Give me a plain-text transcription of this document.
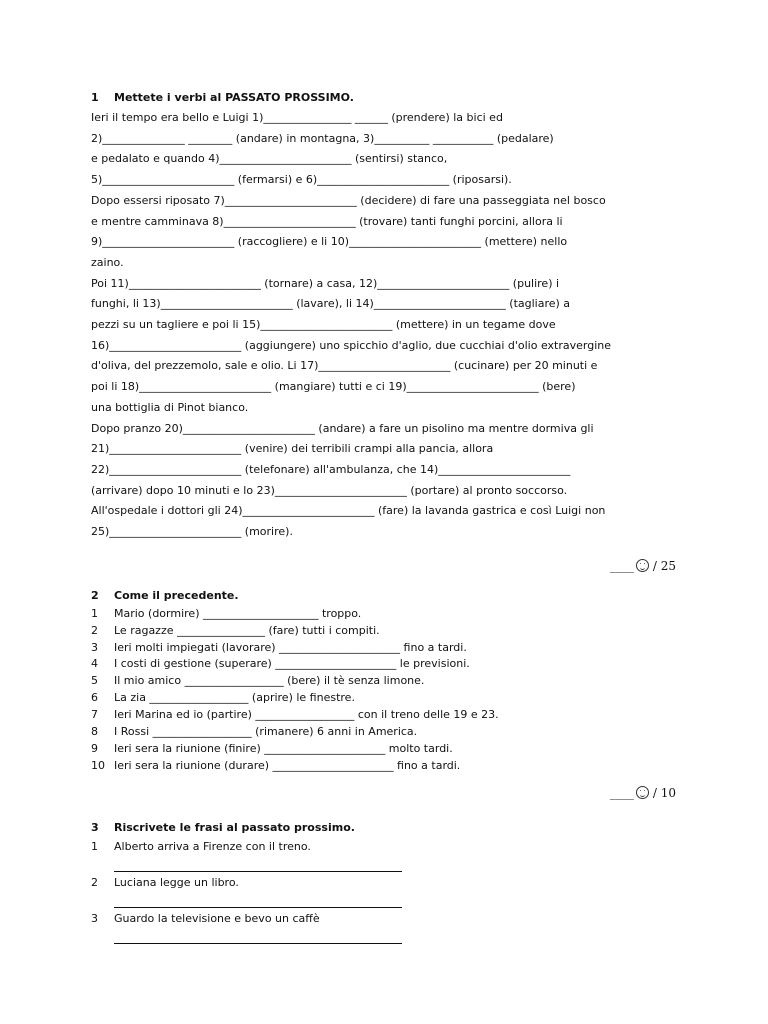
1 Mettete i verbi al PASSATO PROSSIMO.
Ieri il tempo era bello e Luigi 1)________________ ______ (prendere) la bici ed
2)_______________ ________ (andare) in montagna, 3)__________ ___________ (pedalare)
e pedalato e quando 4)________________________ (sentirsi) stanco,
5)________________________ (fermarsi) e 6)________________________ (riposarsi).
Dopo essersi riposato 7)________________________ (decidere) di fare una passeggiata nel bosco
e mentre camminava 8)________________________ (trovare) tanti funghi porcini, allora li
9)________________________ (raccogliere) e li 10)________________________ (mettere) nello
zaino.
Poi 11)________________________ (tornare) a casa, 12)________________________ (pulire) i
funghi, li 13)________________________ (lavare), li 14)________________________ (tagliare) a
pezzi su un tagliere e poi li 15)________________________ (mettere) in un tegame dove
16)________________________ (aggiungere) uno spicchio d'aglio, due cucchiai d'olio extravergine
d'oliva, del prezzemolo, sale e olio. Li 17)________________________ (cucinare) per 20 minuti e
poi li 18)________________________ (mangiare) tutti e ci 19)________________________ (bere)
una bottiglia di Pinot bianco.
Dopo pranzo 20)________________________ (andare) a fare un pisolino ma mentre dormiva gli
21)________________________ (venire) dei terribili crampi alla pancia, allora
22)________________________ (telefonare) all'ambulanza, che 14)________________________
(arrivare) dopo 10 minuti e lo 23)________________________ (portare) al pronto soccorso.
All'ospedale i dottori gli 24)________________________ (fare) la lavanda gastrica e così Luigi non
25)________________________ (morire).
____ / 25
2 Come il precedente.
1 Mario (dormire) _____________________ troppo.
2 Le ragazze ________________ (fare) tutti i compiti.
3 Ieri molti impiegati (lavorare) ______________________ fino a tardi.
4 I costi di gestione (superare) ______________________ le previsioni.
5 Il mio amico __________________ (bere) il tè senza limone.
6 La zia __________________ (aprire) le finestre.
7 Ieri Marina ed io (partire) __________________ con il treno delle 19 e 23.
8 I Rossi __________________ (rimanere) 6 anni in America.
9 Ieri sera la riunione (finire) ______________________ molto tardi.
10 Ieri sera la riunione (durare) ______________________ fino a tardi.
____ / 10
3 Riscrivete le frasi al passato prossimo.
1 Alberto arriva a Firenze con il treno.
2 Luciana legge un libro.
3 Guardo la televisione e bevo un caffè
